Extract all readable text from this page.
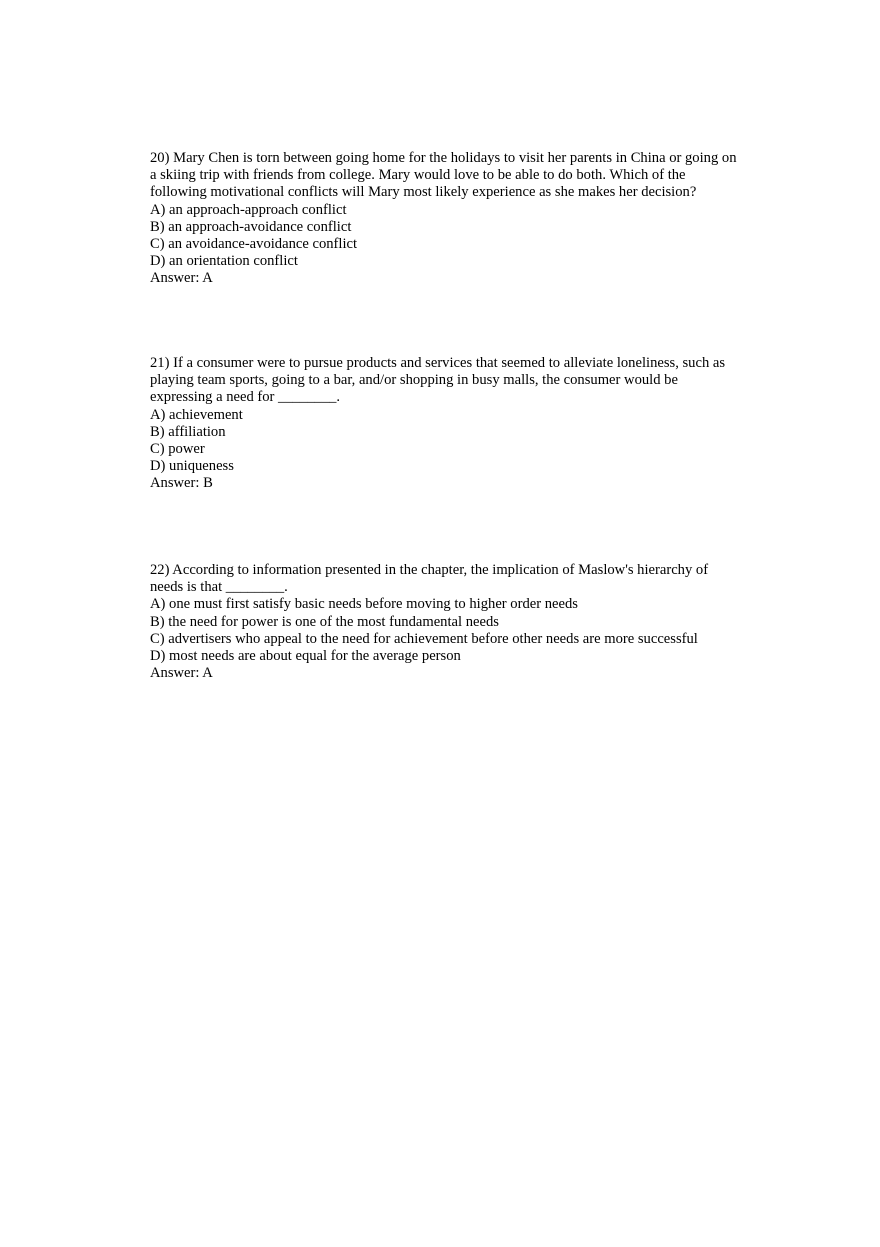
20) Mary Chen is torn between going home for the holidays to visit her parents in China or going on a skiing trip with friends from college. Mary would love to be able to do both. Which of the following motivational conflicts will Mary most likely experience as she makes her decision?

A) an approach-approach conflict

B) an approach-avoidance conflict

C) an avoidance-avoidance conflict

D) an orientation conflict

Answer: A

21) If a consumer were to pursue products and services that seemed to alleviate loneliness, such as playing team sports, going to a bar, and/or shopping in busy malls, the consumer would be expressing a need for ________.

A) achievement

B) affiliation

C) power

D) uniqueness

Answer: B

22) According to information presented in the chapter, the implication of Maslow's hierarchy of needs is that ________.

A) one must first satisfy basic needs before moving to higher order needs

B) the need for power is one of the most fundamental needs

C) advertisers who appeal to the need for achievement before other needs are more successful

D) most needs are about equal for the average person

Answer: A
